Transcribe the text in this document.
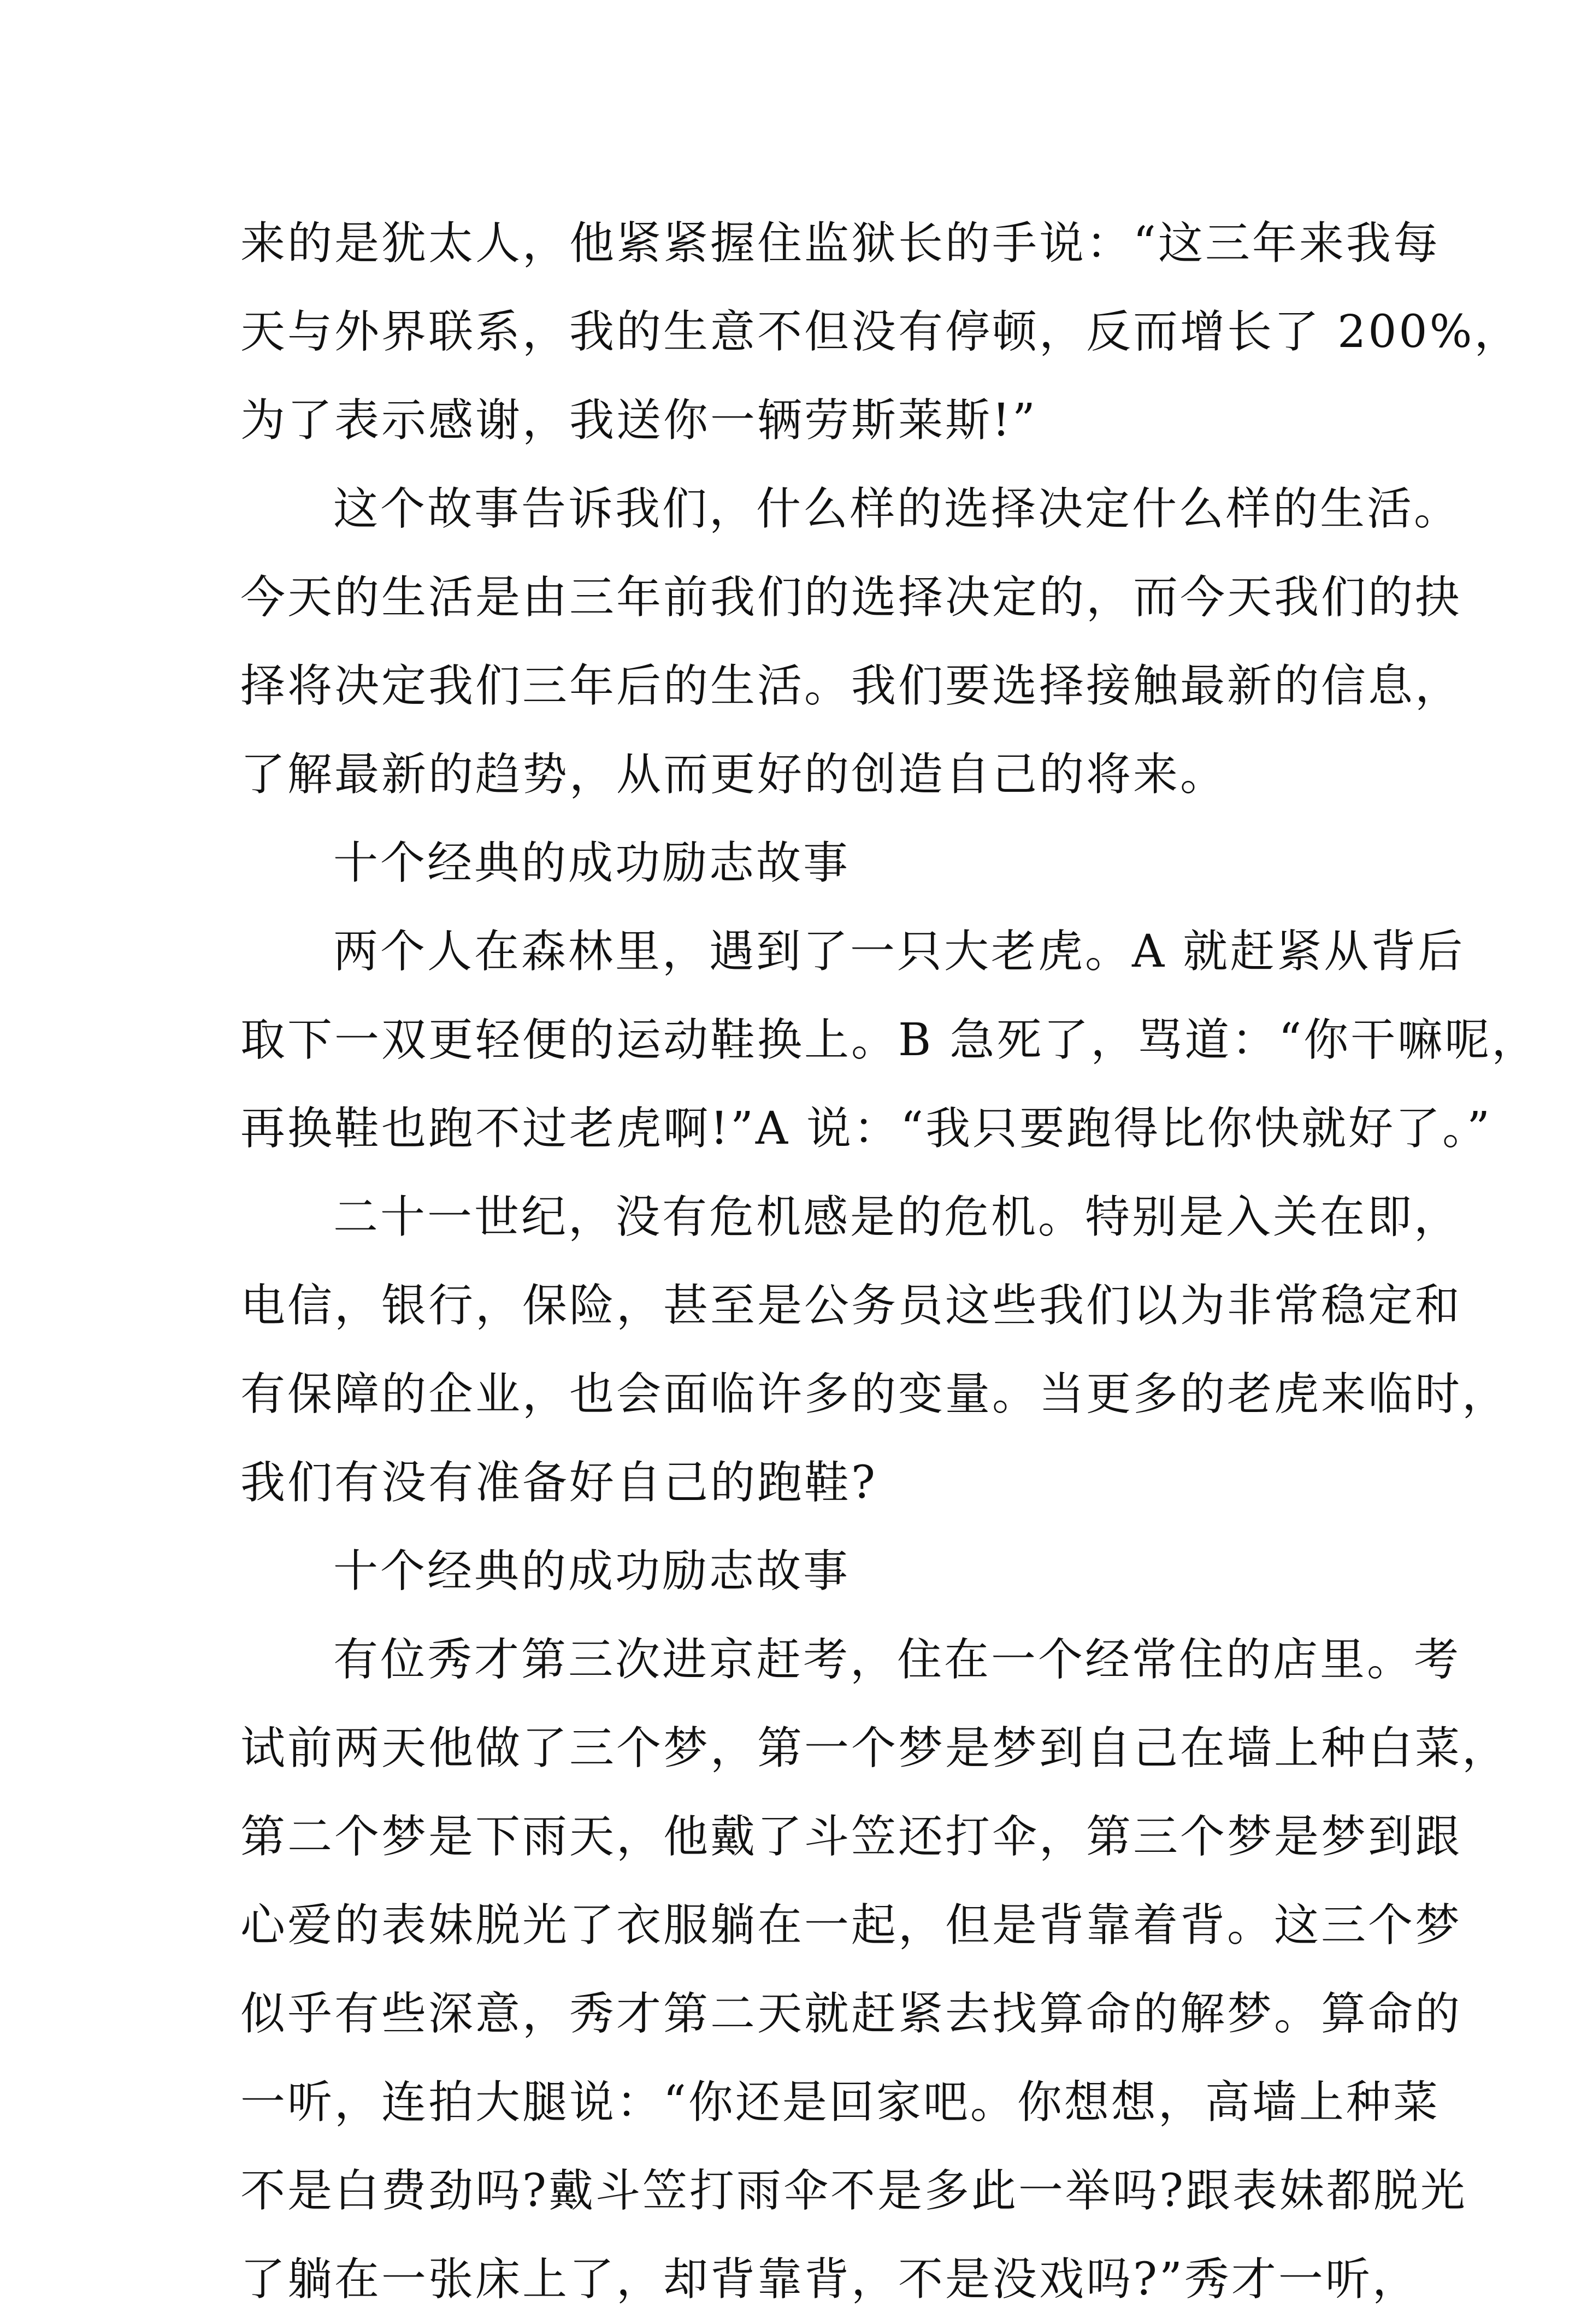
来的是犹太人，他紧紧握住监狱长的手说：“这三年来我每
天与外界联系，我的生意不但没有停顿，反而增长了 200%，
为了表示感谢，我送你一辆劳斯莱斯!”
这个故事告诉我们，什么样的选择决定什么样的生活。
今天的生活是由三年前我们的选择决定的，而今天我们的抉
择将决定我们三年后的生活。我们要选择接触最新的信息，
了解最新的趋势，从而更好的创造自己的将来。
十个经典的成功励志故事
两个人在森林里，遇到了一只大老虎。A 就赶紧从背后
取下一双更轻便的运动鞋换上。B 急死了，骂道：“你干嘛呢，
再换鞋也跑不过老虎啊!”A 说：“我只要跑得比你快就好了。”
二十一世纪，没有危机感是的危机。特别是入关在即，
电信，银行，保险，甚至是公务员这些我们以为非常稳定和
有保障的企业，也会面临许多的变量。当更多的老虎来临时，
我们有没有准备好自己的跑鞋?
十个经典的成功励志故事
有位秀才第三次进京赶考，住在一个经常住的店里。考
试前两天他做了三个梦，第一个梦是梦到自己在墙上种白菜，
第二个梦是下雨天，他戴了斗笠还打伞，第三个梦是梦到跟
心爱的表妹脱光了衣服躺在一起，但是背靠着背。这三个梦
似乎有些深意，秀才第二天就赶紧去找算命的解梦。算命的
一听，连拍大腿说：“你还是回家吧。你想想，高墙上种菜
不是白费劲吗?戴斗笠打雨伞不是多此一举吗?跟表妹都脱光
了躺在一张床上了，却背靠背，不是没戏吗?”秀才一听，
